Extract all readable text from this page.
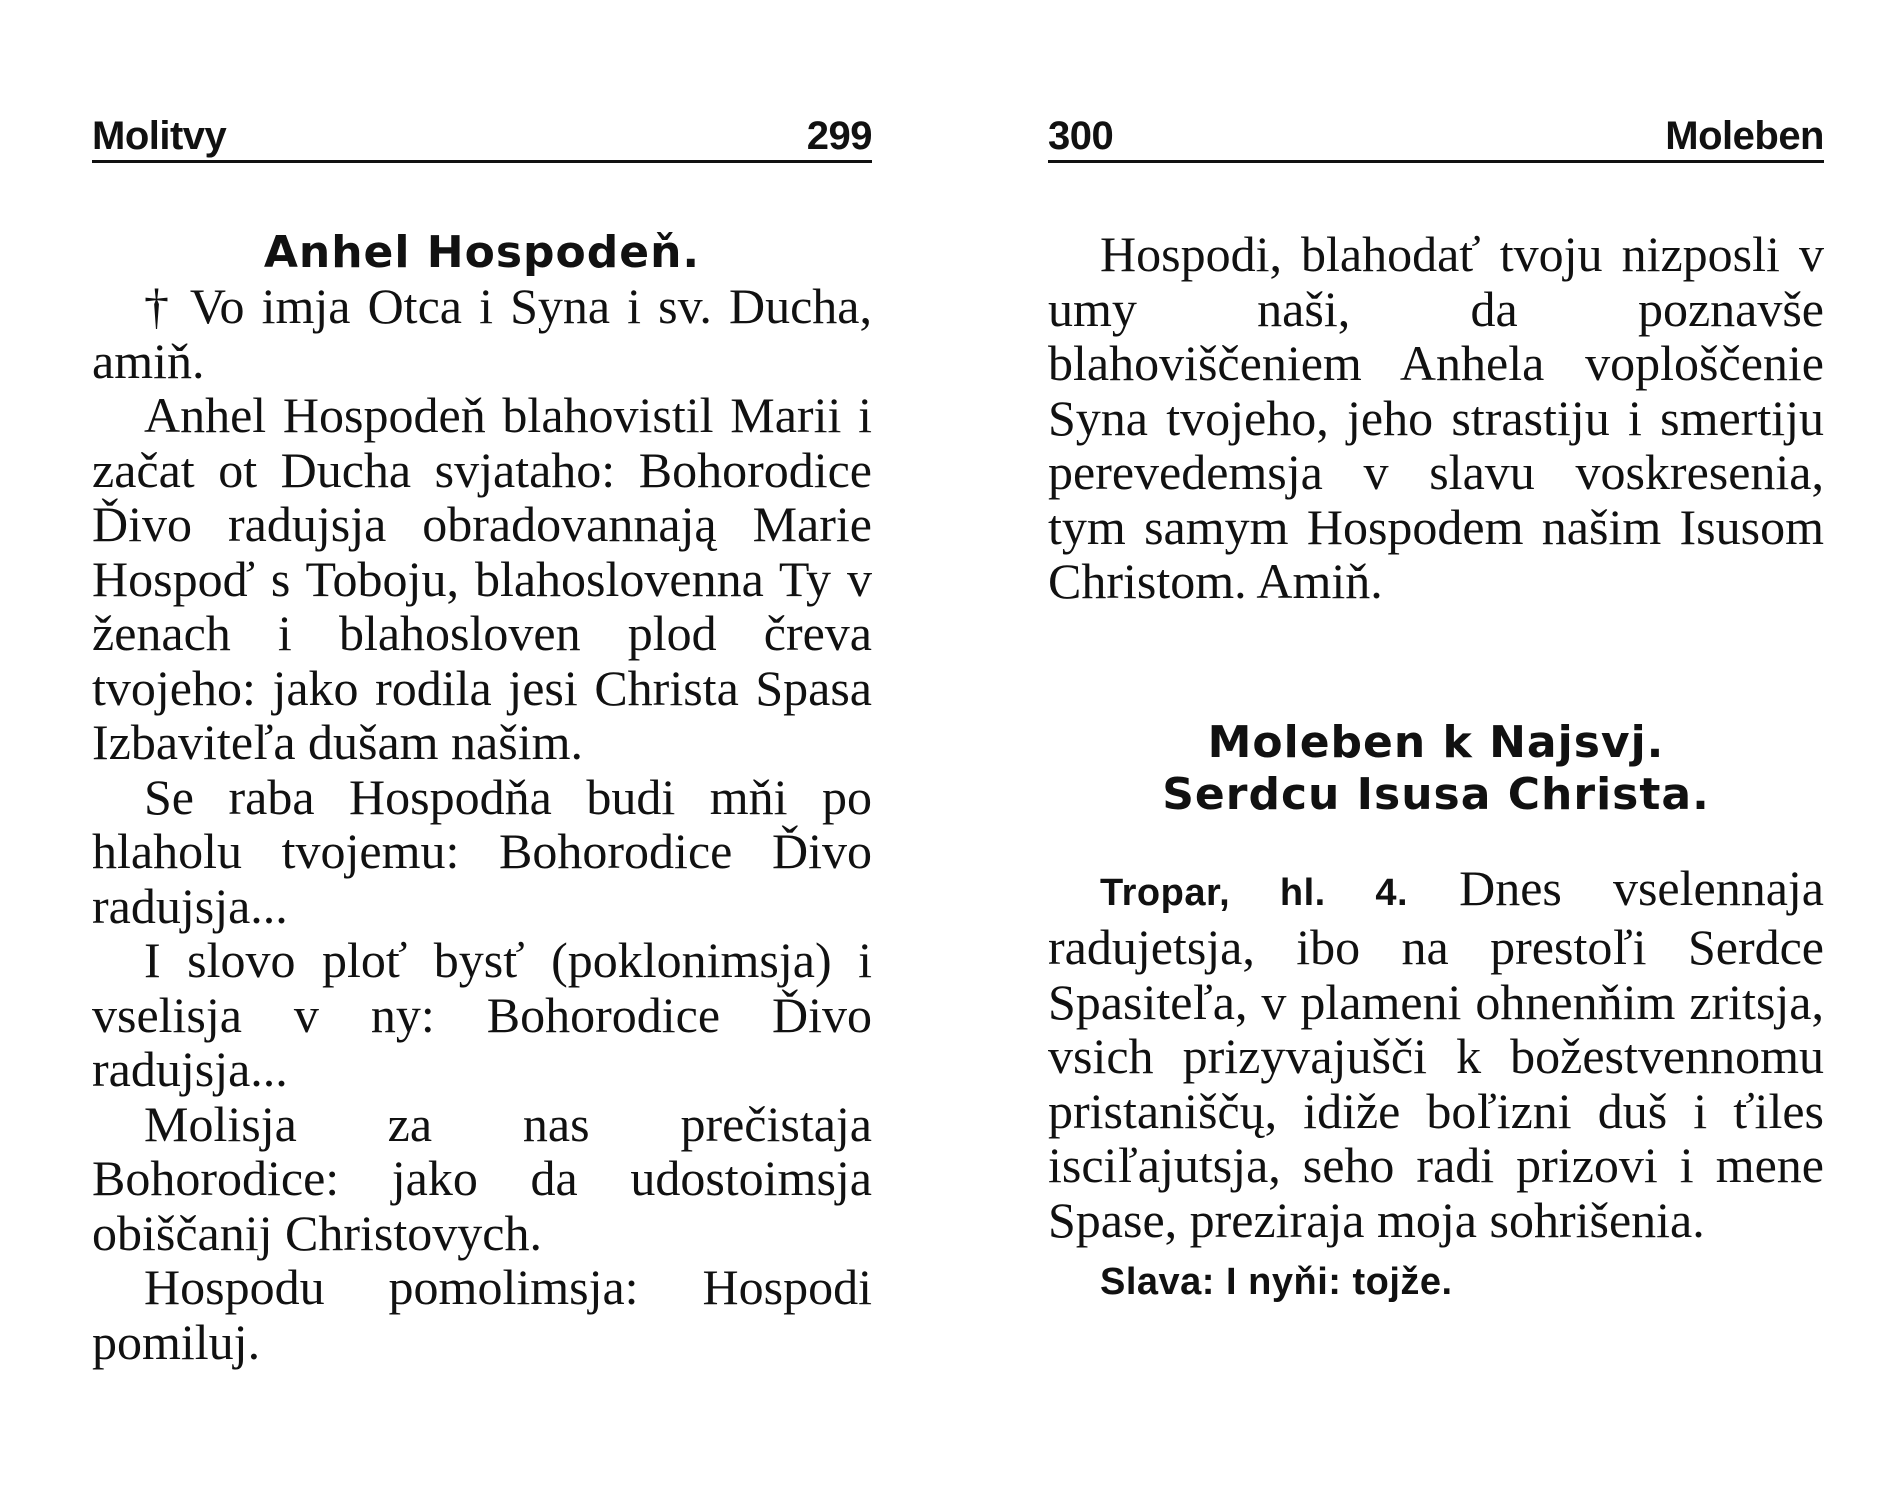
Molitvy	299

Anhel Hospodeň.

† Vo imja Otca i Syna i sv. Ducha, amiň.

Anhel Hospodeň blahovistil Marii i začat ot Ducha svjataho: Bohorodice Ďivo radujsja obradovannają Marie Hospoď s Toboju, blahoslovenna Ty v ženach i blahosloven plod čreva tvojeho: jako rodila jesi Christa Spasa Izbaviteľa dušam našim.

Se raba Hospodňa budi mňi po hlaholu tvojemu: Bohorodice Ďivo radujsja...

I slovo ploť bysť (poklonimsja) i vselisja v ny: Bohorodice Ďivo radujsja...

Molisja za nas prečistaja Bohorodice: jako da udostoimsja obiščanij Christovych.

Hospodu pomolimsja: Hospodi pomiluj.

300	Moleben

Hospodi, blahodať tvoju nizposli v umy naši, da poznavše blahoviščeniem Anhela voploščenie Syna tvojeho, jeho strastiju i smertiju perevedemsja v slavu voskresenia, tym samym Hospodem našim Isusom Christom. Amiň.

Moleben k Najsvj.

Serdcu Isusa Christa.

Tropar, hl. 4. Dnes vselennaja radujetsja, ibo na prestoľi Serdce Spasiteľa, v plameni ohnenňim zritsja, vsich prizyvajušči k božestvennomu pristaniščų, idiže boľizni duš i ťiles isciľajutsja, seho radi prizovi i mene Spase, preziraja moja sohrišenia.

Slava: I nyňi: tojže.
